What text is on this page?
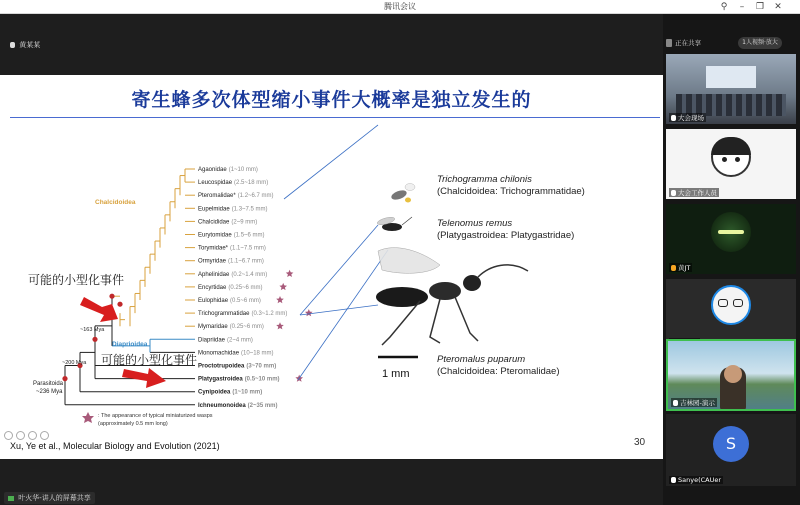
腾讯会议	⚲	–	❐	✕
黄某某
寄生蜂多次体型缩小事件大概率是独立发生的
Agaonidae (1~10 mm)
Leucospidae (2.5~18 mm)
Pteromalidae* (1.2~6.7 mm)
Eupelmidae (1.3~7.5 mm)
Chalcididae (2~9 mm)
Eurytomidae (1.5~6 mm)
Torymidae* (1.1~7.5 mm)
Ormyridae (1.1~6.7 mm)
Aphelinidae (0.2~1.4 mm)
Encyrtidae (0.25~6 mm)
Eulophidae (0.5~6 mm)
Trichogrammatidae (0.3~1.2 mm)
Mymaridae (0.25~6 mm)
Diapriidae (2~4 mm)
Monomachidae (10~18 mm)
Proctotrupoidea (3~70 mm)
Platygastroidea (0.5~10 mm)
Cynipoidea (1~10 mm)
Ichneumonoidea (2~35 mm)
Chalcidoidea
Diaprioidea
Parasitoida
~236 Mya
~163 Mya
~200 Mya
可能的小型化事件
可能的小型化事件
: The appearance of typical miniaturized wasps
(approximately 0.5 mm long)
Xu, Ye et al., Molecular Biology and Evolution (2021)	30
1 mm
Trichogramma chilonis
(Chalcidoidea: Trichogrammatidae)
Telenomus remus
(Platygastroidea: Platygastridae)
Pteromalus puparum
(Chalcidoidea: Pteromalidae)
叶火华-讲人的屏幕共享
正在共享	1人视频·放大
大会现场
大会工作人员
黄JT
吉林园-演示
S
Sanye(CAUer
